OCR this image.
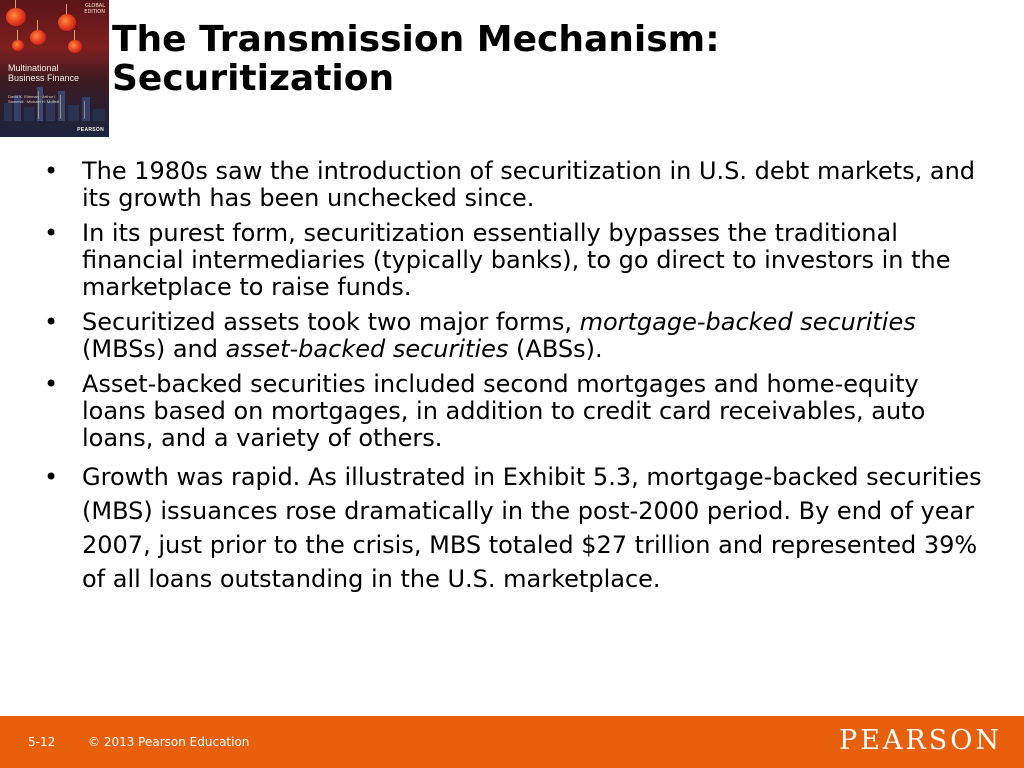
GLOBAL
EDITION
Multinational
Business Finance
David K. Eiteman · Arthur I. Stonehill · Michael H. Moffett
PEARSON
The Transmission Mechanism:
Securitization
• The 1980s saw the introduction of securitization in U.S. debt markets, and its growth has been unchecked since.
• In its purest form, securitization essentially bypasses the traditional financial intermediaries (typically banks), to go direct to investors in the marketplace to raise funds.
• Securitized assets took two major forms, mortgage-backed securities (MBSs) and asset-backed securities (ABSs).
• Asset-backed securities included second mortgages and home-equity loans based on mortgages, in addition to credit card receivables, auto loans, and a variety of others.
• Growth was rapid. As illustrated in Exhibit 5.3, mortgage-backed securities (MBS) issuances rose dramatically in the post-2000 period. By end of year 2007, just prior to the crisis, MBS totaled $27 trillion and represented 39% of all loans outstanding in the U.S. marketplace.
5-12	© 2013 Pearson Education	PEARSON
